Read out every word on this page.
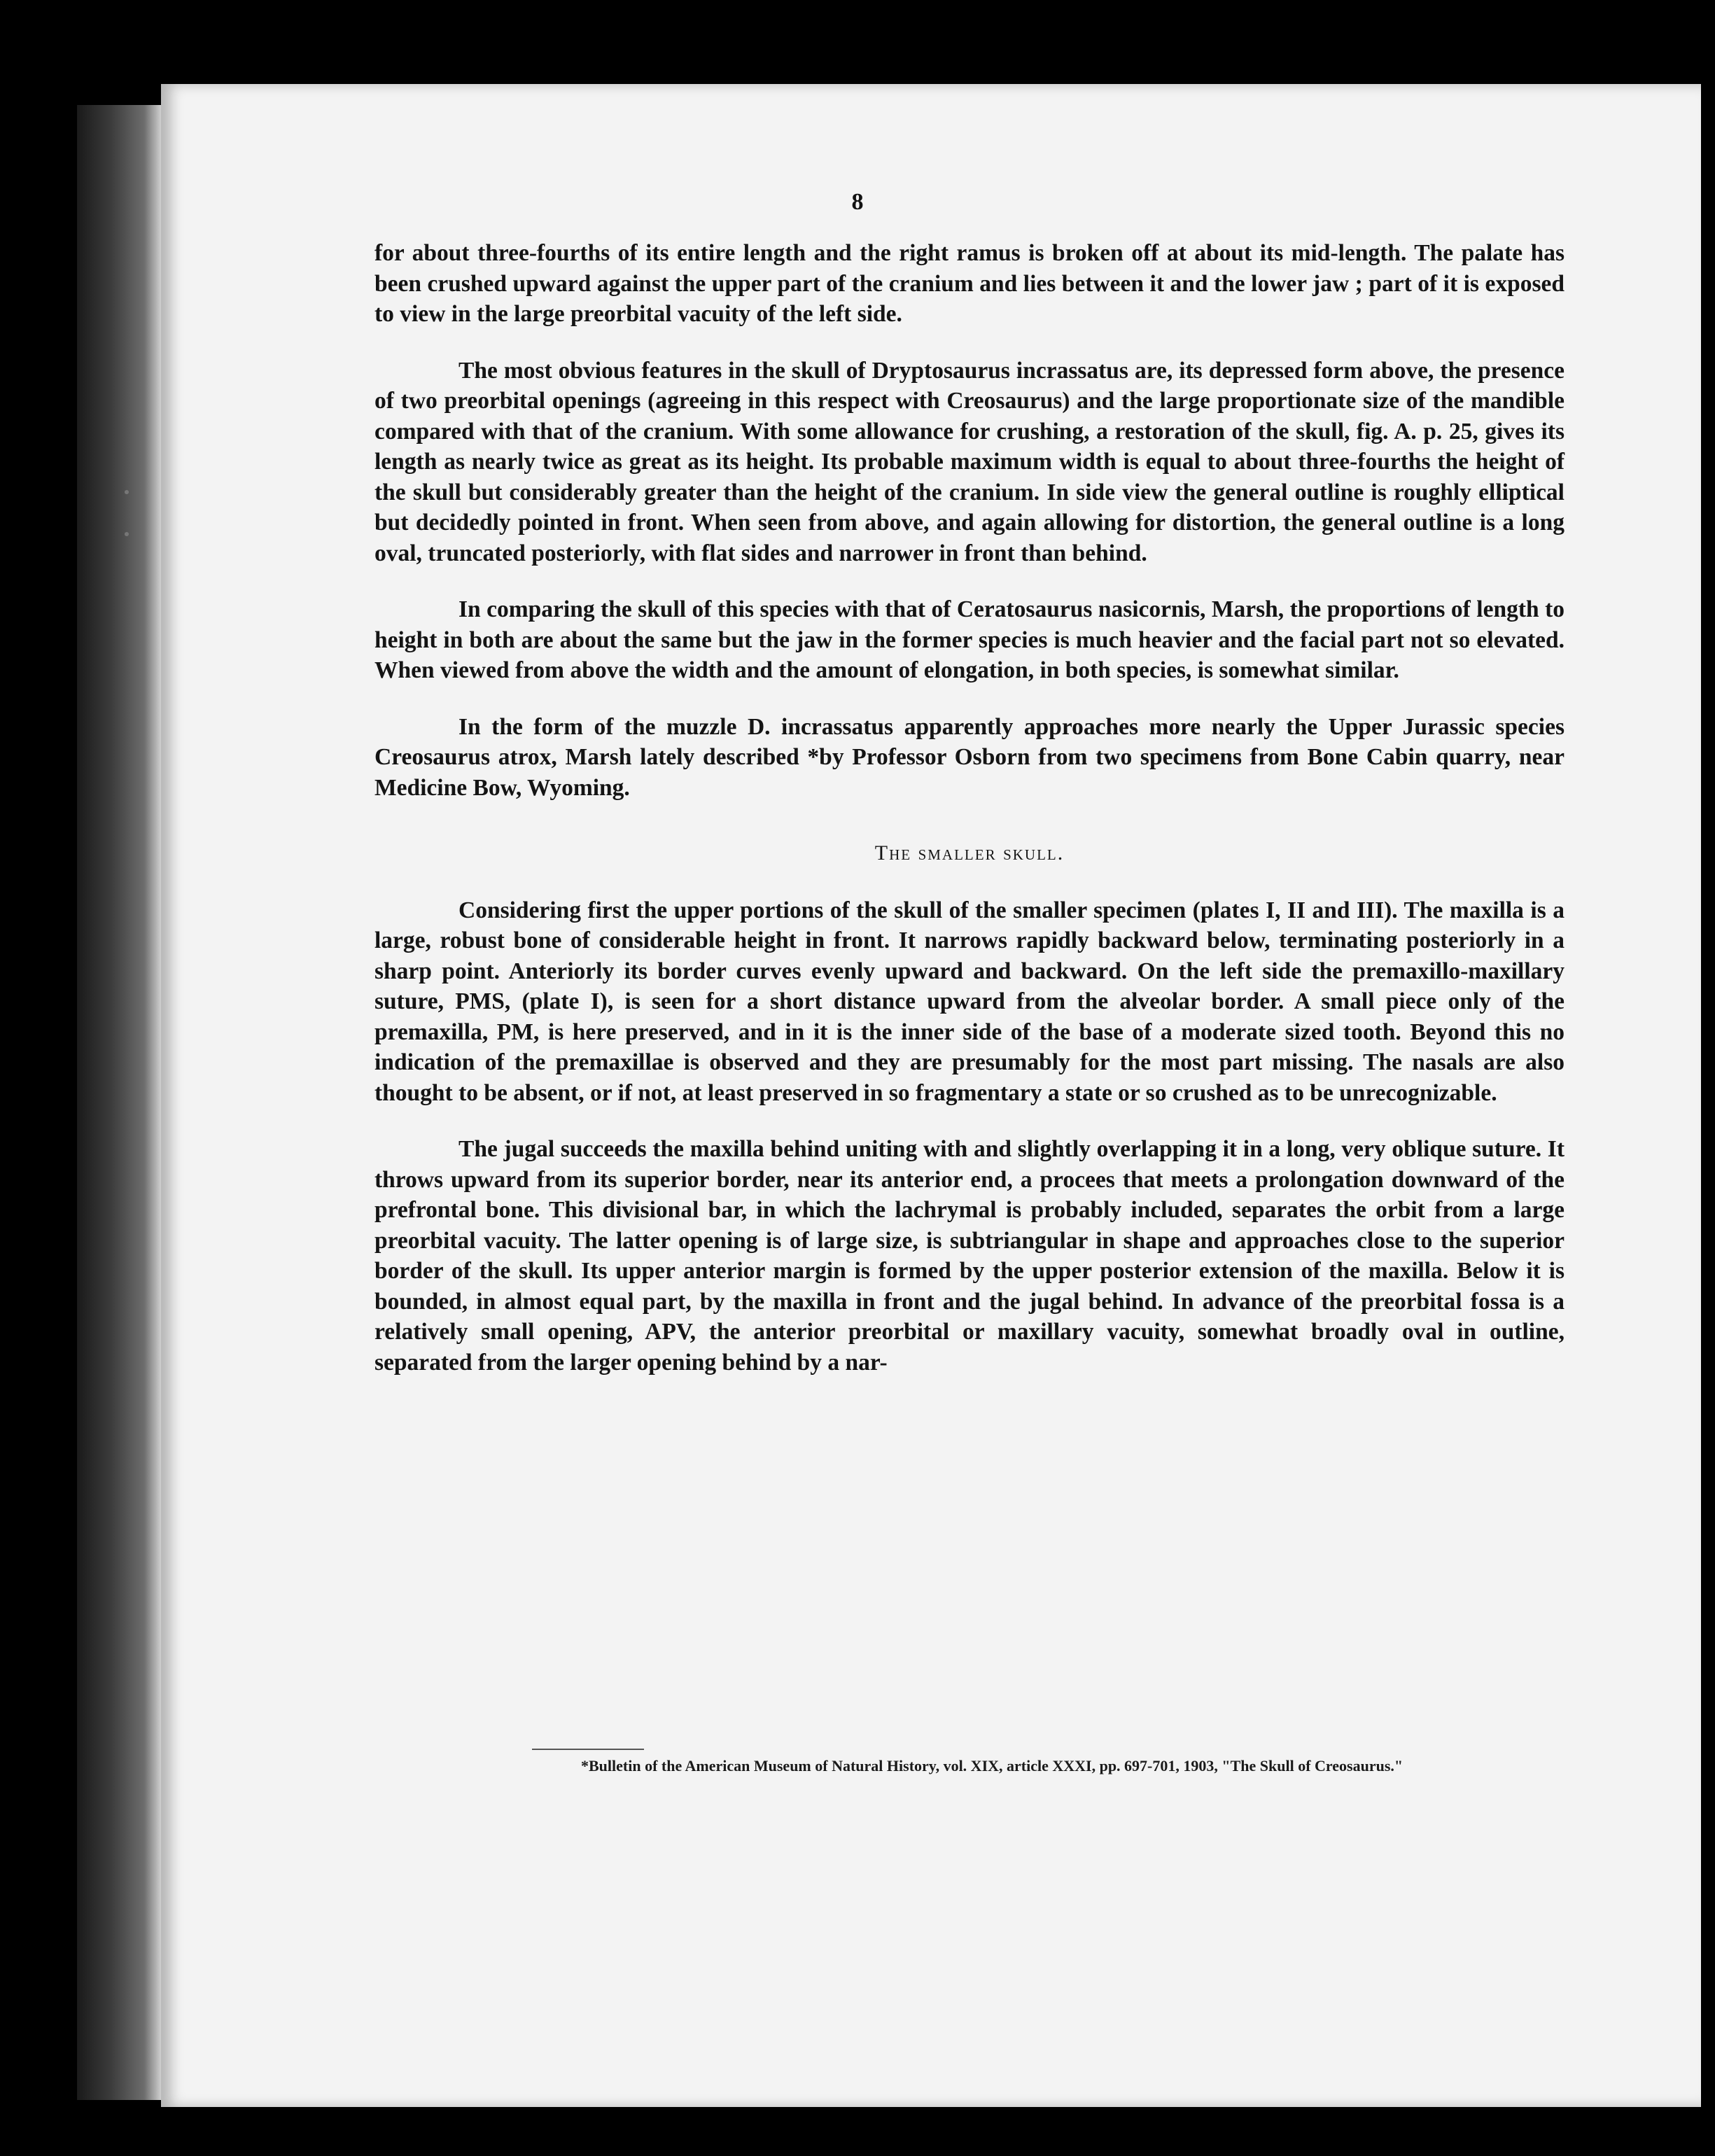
8

for about three-fourths of its entire length and the right ramus is broken off at about its mid-length. The palate has been crushed upward against the upper part of the cranium and lies between it and the lower jaw ; part of it is exposed to view in the large preorbital vacuity of the left side.

The most obvious features in the skull of Dryptosaurus incrassatus are, its depressed form above, the presence of two preorbital openings (agreeing in this respect with Creosaurus) and the large proportionate size of the mandible compared with that of the cranium. With some allowance for crushing, a restoration of the skull, fig. A. p. 25, gives its length as nearly twice as great as its height. Its probable maximum width is equal to about three-fourths the height of the skull but considerably greater than the height of the cranium. In side view the general outline is roughly elliptical but decidedly pointed in front. When seen from above, and again allowing for distortion, the general outline is a long oval, truncated posteriorly, with flat sides and narrower in front than behind.

In comparing the skull of this species with that of Ceratosaurus nasicornis, Marsh, the proportions of length to height in both are about the same but the jaw in the former species is much heavier and the facial part not so elevated. When viewed from above the width and the amount of elongation, in both species, is somewhat similar.

In the form of the muzzle D. incrassatus apparently approaches more nearly the Upper Jurassic species Creosaurus atrox, Marsh lately described *by Professor Osborn from two specimens from Bone Cabin quarry, near Medicine Bow, Wyoming.

The smaller skull.

Considering first the upper portions of the skull of the smaller specimen (plates I, II and III). The maxilla is a large, robust bone of considerable height in front. It narrows rapidly backward below, terminating posteriorly in a sharp point. Anteriorly its border curves evenly upward and backward. On the left side the premaxillo-maxillary suture, PMS, (plate I), is seen for a short distance upward from the alveolar border. A small piece only of the premaxilla, PM, is here preserved, and in it is the inner side of the base of a moderate sized tooth. Beyond this no indication of the premaxillae is observed and they are presumably for the most part missing. The nasals are also thought to be absent, or if not, at least preserved in so fragmentary a state or so crushed as to be unrecognizable.

The jugal succeeds the maxilla behind uniting with and slightly overlapping it in a long, very oblique suture. It throws upward from its superior border, near its anterior end, a procees that meets a prolongation downward of the prefrontal bone. This divisional bar, in which the lachrymal is probably included, separates the orbit from a large preorbital vacuity. The latter opening is of large size, is subtriangular in shape and approaches close to the superior border of the skull. Its upper anterior margin is formed by the upper posterior extension of the maxilla. Below it is bounded, in almost equal part, by the maxilla in front and the jugal behind. In advance of the preorbital fossa is a relatively small opening, APV, the anterior preorbital or maxillary vacuity, somewhat broadly oval in outline, separated from the larger opening behind by a nar-

*Bulletin of the American Museum of Natural History, vol. XIX, article XXXI, pp. 697-701, 1903, "The Skull of Creosaurus."
